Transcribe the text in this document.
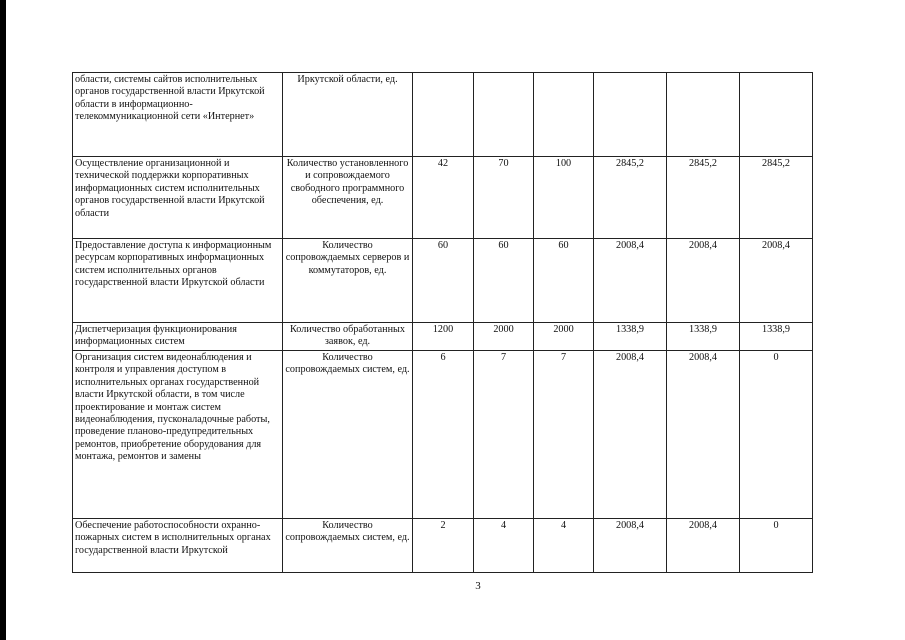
области, системы сайтов исполнительных органов государственной власти Иркутской области в информационно-телекоммуникационной сети «Интернет»	Иркутской области, ед.						
Осуществление организационной и технической поддержки корпоративных информационных систем исполнительных органов государственной власти Иркутской области	Количество установленного и сопровождаемого свободного программного обеспечения, ед.	42	70	100	2845,2	2845,2	2845,2
Предоставление доступа к информационным ресурсам корпоративных информационных систем исполнительных органов государственной власти Иркутской области	Количество сопровождаемых серверов и коммутаторов, ед.	60	60	60	2008,4	2008,4	2008,4
Диспетчеризация функционирования информационных систем	Количество обработанных заявок, ед.	1200	2000	2000	1338,9	1338,9	1338,9
Организация систем видеонаблюдения и контроля и управления доступом в исполнительных органах государственной власти Иркутской области, в том числе проектирование и монтаж систем видеонаблюдения, пусконаладочные работы, проведение планово-предупредительных ремонтов, приобретение оборудования для монтажа, ремонтов и замены	Количество сопровождаемых систем, ед.	6	7	7	2008,4	2008,4	0
Обеспечение работоспособности охранно-пожарных систем в исполнительных органах государственной власти Иркутской	Количество сопровождаемых систем, ед.	2	4	4	2008,4	2008,4	0
3
